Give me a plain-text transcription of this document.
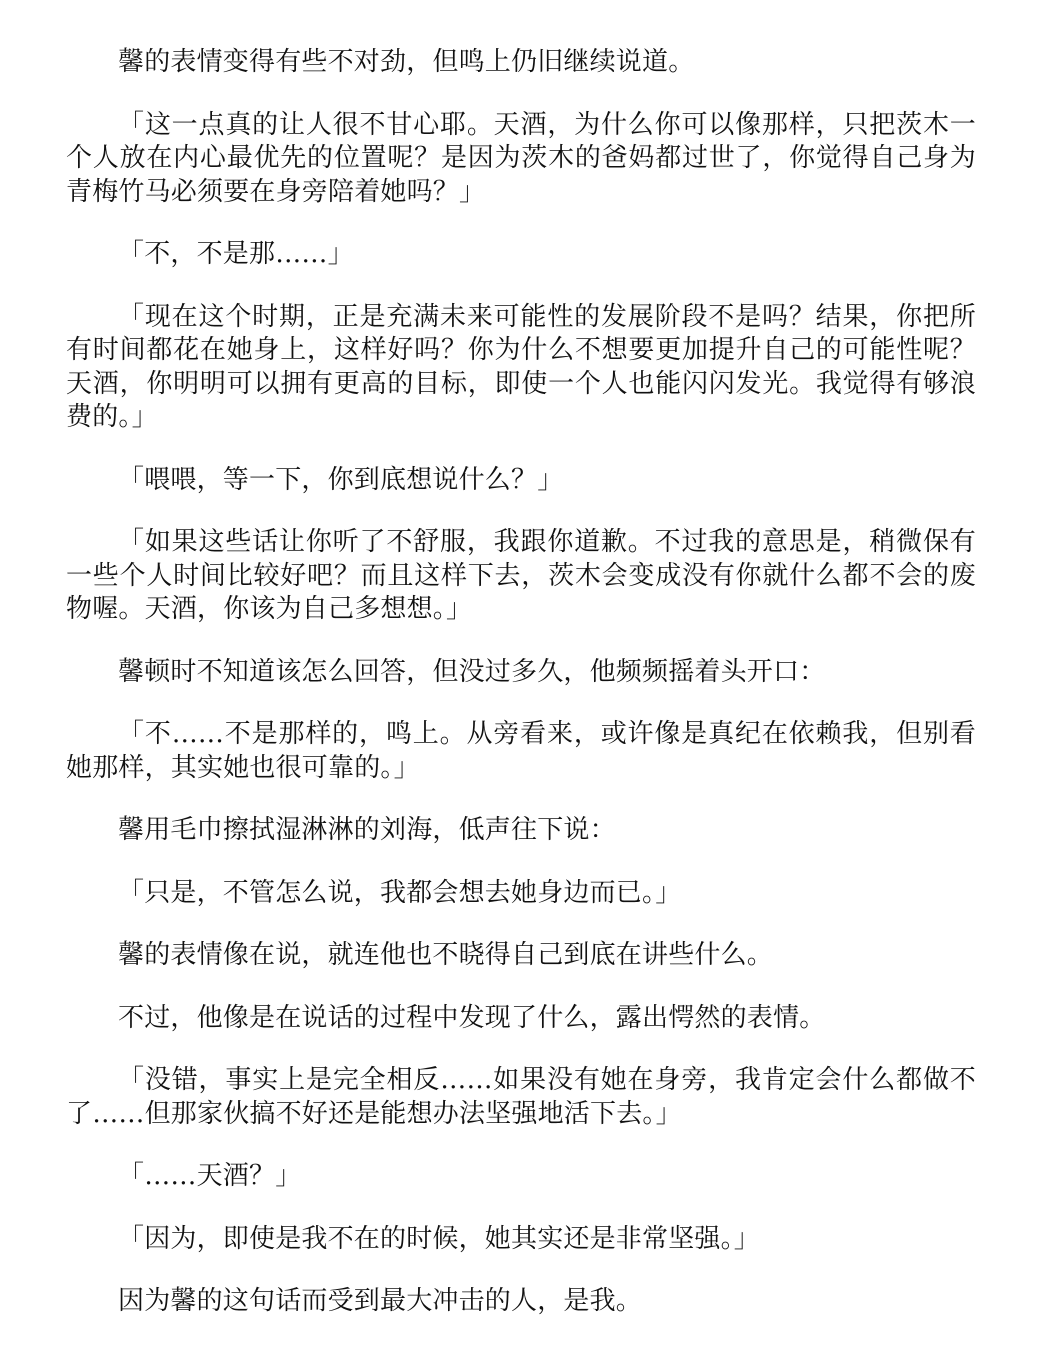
馨的表情变得有些不对劲，但鸣上仍旧继续说道。

「这一点真的让人很不甘心耶。天酒，为什么你可以像那样，只把茨木一个人放在内心最优先的位置呢？是因为茨木的爸妈都过世了，你觉得自己身为青梅竹马必须要在身旁陪着她吗？」

「不，不是那……」

「现在这个时期，正是充满未来可能性的发展阶段不是吗？结果，你把所有时间都花在她身上，这样好吗？你为什么不想要更加提升自己的可能性呢？天酒，你明明可以拥有更高的目标，即使一个人也能闪闪发光。我觉得有够浪费的。」

「喂喂，等一下，你到底想说什么？」

「如果这些话让你听了不舒服，我跟你道歉。不过我的意思是，稍微保有一些个人时间比较好吧？而且这样下去，茨木会变成没有你就什么都不会的废物喔。天酒，你该为自己多想想。」

馨顿时不知道该怎么回答，但没过多久，他频频摇着头开口：

「不……不是那样的，鸣上。从旁看来，或许像是真纪在依赖我，但别看她那样，其实她也很可靠的。」

馨用毛巾擦拭湿淋淋的刘海，低声往下说：

「只是，不管怎么说，我都会想去她身边而已。」

馨的表情像在说，就连他也不晓得自己到底在讲些什么。

不过，他像是在说话的过程中发现了什么，露出愕然的表情。

「没错，事实上是完全相反……如果没有她在身旁，我肯定会什么都做不了……但那家伙搞不好还是能想办法坚强地活下去。」

「……天酒？」

「因为，即使是我不在的时候，她其实还是非常坚强。」

因为馨的这句话而受到最大冲击的人，是我。
